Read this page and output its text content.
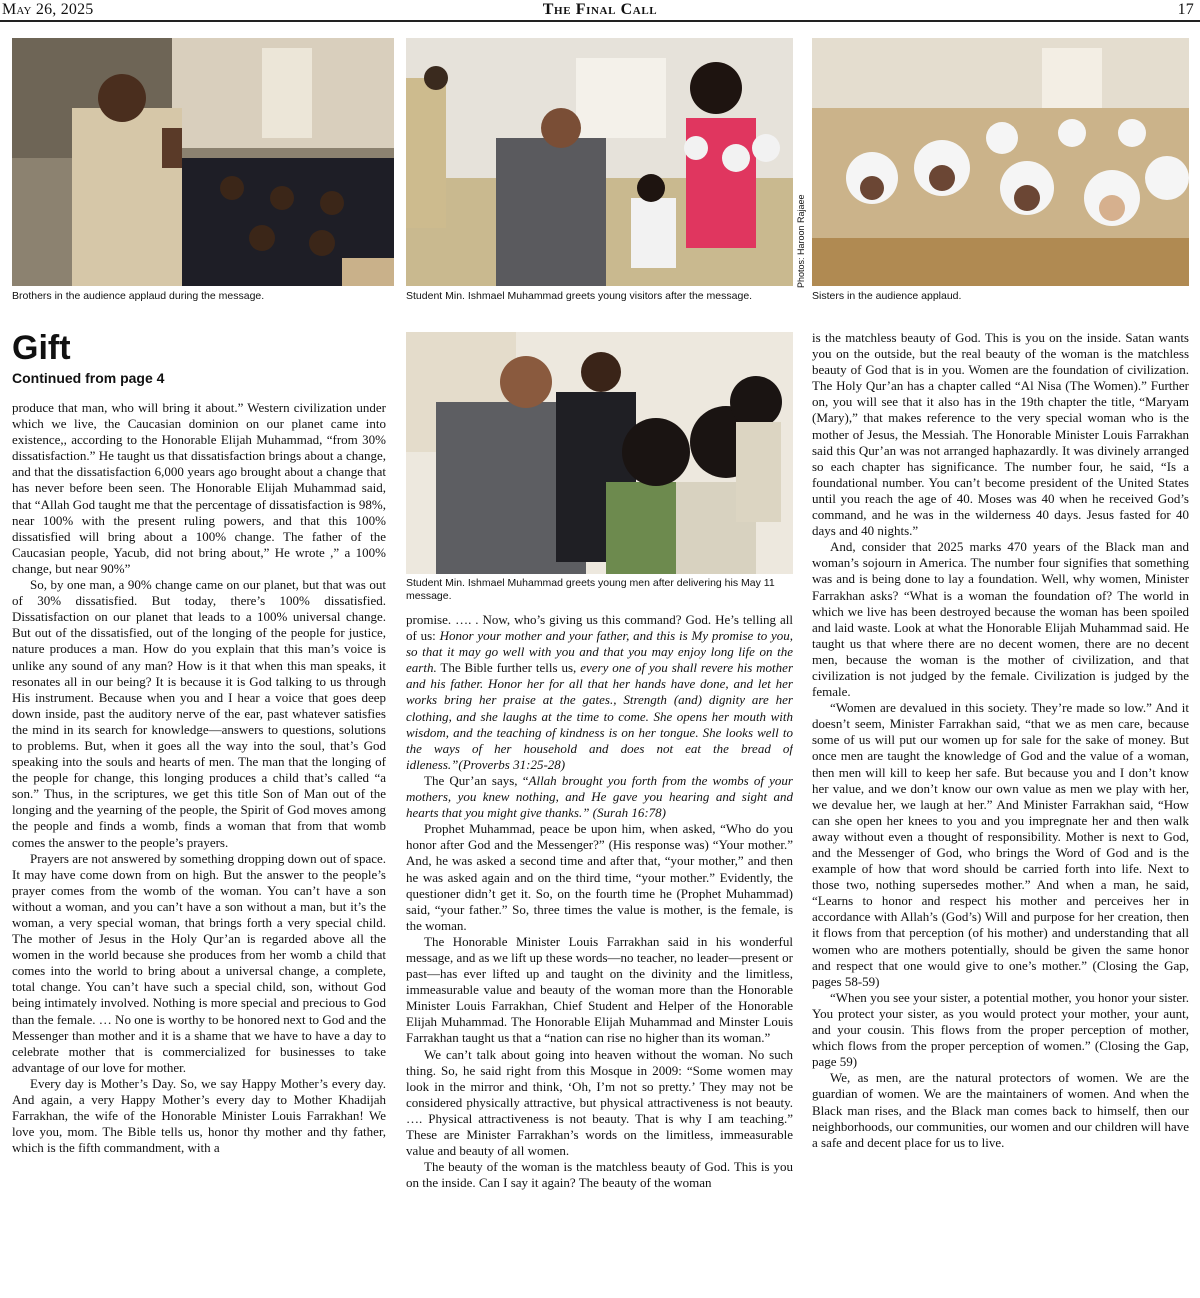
The Final Call
May 26, 2025	17
Brothers in the audience applaud during the message.	Student Min. Ishmael Muhammad greets young visitors after the message.
Photos: Haroon Rajaee
Sisters in the audience applaud.
Gift
Continued from page 4
Student Min. Ishmael Muhammad greets young men after delivering his May 11 message.

produce that man, who will bring it about.” Western civilization under which we live, the Caucasian dominion on our planet came into existence,, according to the Honorable Elijah Muhammad, “from 30% dissatisfaction.” He taught us that dissatisfaction brings about a change, and that the dissatisfaction 6,000 years ago brought about a change that has never before been seen. The Honorable Elijah Muhammad said, that “Allah God taught me that the percentage of dissatisfaction is 98%, near 100% with the present ruling powers, and that this 100% dissatisfied will bring about a 100% change. The father of the Caucasian people, Yacub, did not bring about,” He wrote ,” a 100% change, but near 90%”

So, by one man, a 90% change came on our planet, but that was out of 30% dissatisfied. But today, there’s 100% dissatisfied. Dissatisfaction on our planet that leads to a 100% universal change. But out of the dissatisfied, out of the longing of the people for justice, nature produces a man. How do you explain that this man’s voice is unlike any sound of any man? How is it that when this man speaks, it resonates all in our being? It is because it is God talking to us through His instrument. Because when you and I hear a voice that goes deep down inside, past the auditory nerve of the ear, past whatever satisfies the mind in its search for knowledge—answers to questions, solutions to problems. But, when it goes all the way into the soul, that’s God speaking into the souls and hearts of men. The man that the longing of the people for change, this longing produces a child that’s called “a son.” Thus, in the scriptures, we get this title Son of Man out of the longing and the yearning of the people, the Spirit of God moves among the people and finds a womb, finds a woman that from that womb comes the answer to the people’s prayers.

Prayers are not answered by something dropping down out of space. It may have come down from on high. But the answer to the people’s prayer comes from the womb of the woman. You can’t have a son without a woman, and you can’t have a son without a man, but it’s the woman, a very special woman, that brings forth a very special child. The mother of Jesus in the Holy Qur’an is regarded above all the women in the world because she produces from her womb a child that comes into the world to bring about a universal change, a complete, total change. You can’t have such a special child, son, without God being intimately involved. Nothing is more special and precious to God than the female. … No one is worthy to be honored next to God and the Messenger than mother and it is a shame that we have to have a day to celebrate mother that is commercialized for businesses to take advantage of our love for mother.

Every day is Mother’s Day. So, we say Happy Mother’s every day. And again, a very Happy Mother’s every day to Mother Khadijah Farrakhan, the wife of the Honorable Minister Louis Farrakhan! We love you, mom. The Bible tells us, honor thy mother and thy father, which is the fifth commandment, with a

promise. …. . Now, who’s giving us this command? God. He’s telling all of us: Honor your mother and your father, and this is My promise to you, so that it may go well with you and that you may enjoy long life on the earth. The Bible further tells us, every one of you shall revere his mother and his father. Honor her for all that her hands have done, and let her works bring her praise at the gates., Strength (and) dignity are her clothing, and she laughs at the time to come. She opens her mouth with wisdom, and the teaching of kindness is on her tongue. She looks well to the ways of her household and does not eat the bread of idleness.”(Proverbs 31:25-28)

The Qur’an says, “Allah brought you forth from the wombs of your mothers, you knew nothing, and He gave you hearing and sight and hearts that you might give thanks.” (Surah 16:78)

Prophet Muhammad, peace be upon him, when asked, “Who do you honor after God and the Messenger?” (His response was) “Your mother.” And, he was asked a second time and after that, “your mother,” and then he was asked again and on the third time, “your mother.” Evidently, the questioner didn’t get it. So, on the fourth time he (Prophet Muhammad) said, “your father.” So, three times the value is mother, is the female, is the woman.

The Honorable Minister Louis Farrakhan said in his wonderful message, and as we lift up these words—no teacher, no leader—present or past—has ever lifted up and taught on the divinity and the limitless, immeasurable value and beauty of the woman more than the Honorable Minister Louis Farrakhan, Chief Student and Helper of the Honorable Elijah Muhammad. The Honorable Elijah Muhammad and Minster Louis Farrakhan taught us that a “nation can rise no higher than its woman.”

We can’t talk about going into heaven without the woman. No such thing. So, he said right from this Mosque in 2009: “Some women may look in the mirror and think, ‘Oh, I’m not so pretty.’ They may not be considered physically attractive, but physical attractiveness is not beauty. …. Physical attractiveness is not beauty. That is why I am teaching.” These are Minister Farrakhan’s words on the limitless, immeasurable value and beauty of all women.

The beauty of the woman is the matchless beauty of God. This is you on the inside. Can I say it again? The beauty of the woman

is the matchless beauty of God. This is you on the inside. Satan wants you on the outside, but the real beauty of the woman is the matchless beauty of God that is in you. Women are the foundation of civilization. The Holy Qur’an has a chapter called “Al Nisa (The Women).” Further on, you will see that it also has in the 19th chapter the title, “Maryam (Mary),” that makes reference to the very special woman who is the mother of Jesus, the Messiah. The Honorable Minister Louis Farrakhan said this Qur’an was not arranged haphazardly. It was divinely arranged so each chapter has significance. The number four, he said, “Is a foundational number. You can’t become president of the United States until you reach the age of 40. Moses was 40 when he received God’s command, and he was in the wilderness 40 days. Jesus fasted for 40 days and 40 nights.”

And, consider that 2025 marks 470 years of the Black man and woman’s sojourn in America. The number four signifies that something was and is being done to lay a foundation. Well, why women, Minister Farrakhan asks? “What is a woman the foundation of? The world in which we live has been destroyed because the woman has been spoiled and laid waste. Look at what the Honorable Elijah Muhammad said. He taught us that where there are no decent women, there are no decent men, because the woman is the mother of civilization, and that civilization is not judged by the female. Civilization is judged by the female.

“Women are devalued in this society. They’re made so low.” And it doesn’t seem, Minister Farrakhan said, “that we as men care, because some of us will put our women up for sale for the sake of money. But once men are taught the knowledge of God and the value of a woman, then men will kill to keep her safe. But because you and I don’t know her value, and we don’t know our own value as men we play with her, we devalue her, we laugh at her.” And Minister Farrakhan said, “How can she open her knees to you and you impregnate her and then walk away without even a thought of responsibility. Mother is next to God, and the Messenger of God, who brings the Word of God and is the example of how that word should be carried forth into life. Next to those two, nothing supersedes mother.” And when a man, he said, “Learns to honor and respect his mother and perceives her in accordance with Allah’s (God’s) Will and purpose for her creation, then it flows from that perception (of his mother) and understanding that all women who are mothers potentially, should be given the same honor and respect that one would give to one’s mother.” (Closing the Gap, pages 58-59)

“When you see your sister, a potential mother, you honor your sister. You protect your sister, as you would protect your mother, your aunt, and your cousin. This flows from the proper perception of mother, which flows from the proper perception of women.” (Closing the Gap, page 59)

We, as men, are the natural protectors of women. We are the guardian of women. We are the maintainers of women. And when the Black man rises, and the Black man comes back to himself, then our neighborhoods, our communities, our women and our children will have a safe and decent place for us to live.
